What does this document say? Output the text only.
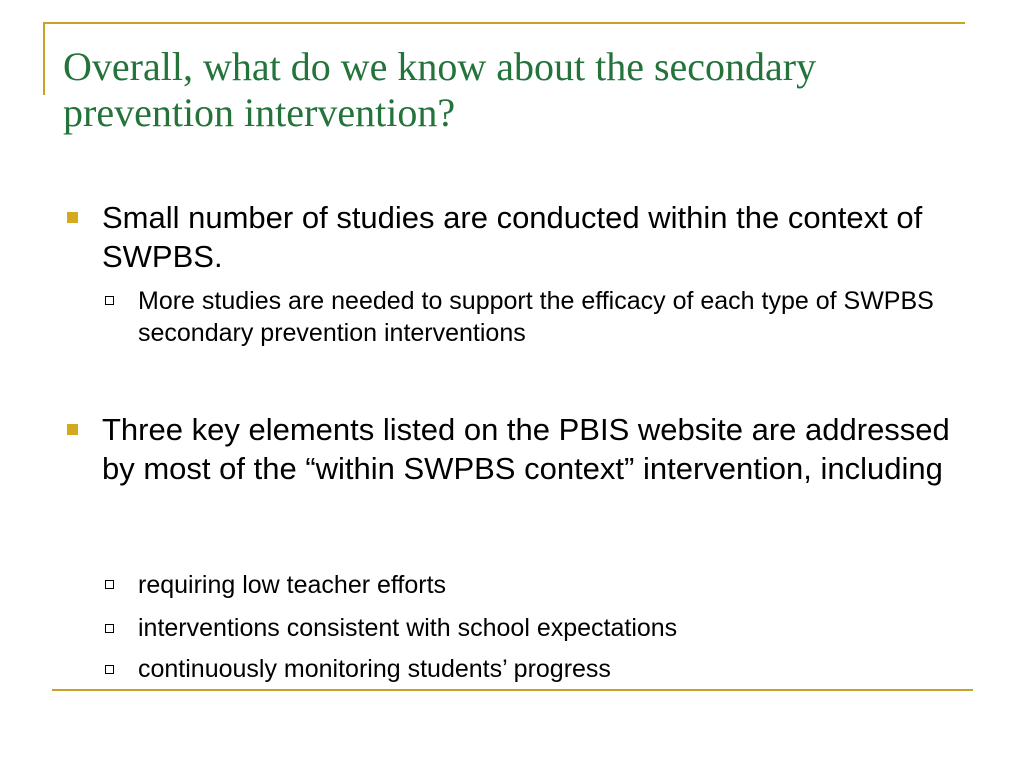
Overall, what do we know about the secondary prevention intervention?
Small number of studies are conducted within the context of SWPBS.
More studies are needed to support the efficacy of each type of SWPBS secondary prevention interventions
Three key elements listed on the PBIS website are addressed by most of the “within SWPBS context” intervention, including
requiring low teacher efforts
interventions consistent with school expectations
continuously monitoring students’ progress
